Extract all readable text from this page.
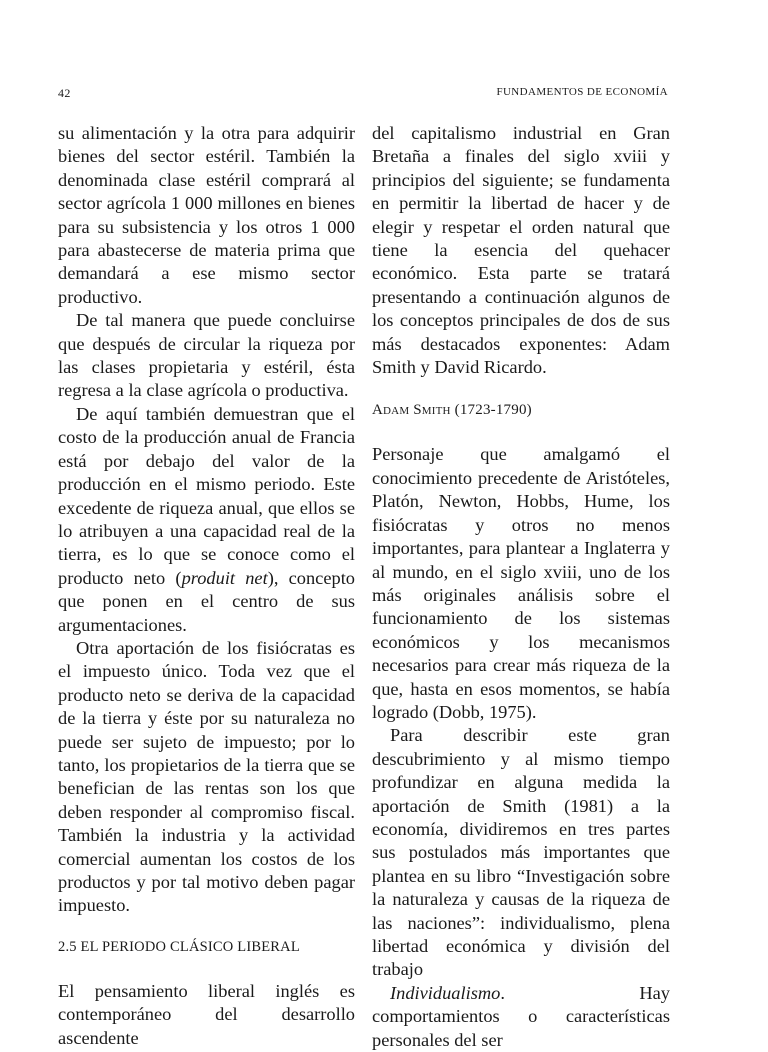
42	FUNDAMENTOS DE ECONOMÍA

su alimentación y la otra para adquirir bienes del sector estéril. También la denominada clase estéril comprará al sector agrícola 1 000 millones en bienes para su subsistencia y los otros 1 000 para abastecerse de materia prima que demandará a ese mismo sector productivo.

De tal manera que puede concluirse que después de circular la riqueza por las clases propietaria y estéril, ésta regresa a la clase agrícola o productiva.

De aquí también demuestran que el costo de la producción anual de Francia está por debajo del valor de la producción en el mismo periodo. Este excedente de riqueza anual, que ellos se lo atribuyen a una capacidad real de la tierra, es lo que se conoce como el producto neto (produit net), concepto que ponen en el centro de sus argumentaciones.

Otra aportación de los fisiócratas es el impuesto único. Toda vez que el producto neto se deriva de la capacidad de la tierra y éste por su naturaleza no puede ser sujeto de impuesto; por lo tanto, los propietarios de la tierra que se benefician de las rentas son los que deben responder al compromiso fiscal. También la industria y la actividad comercial aumentan los costos de los productos y por tal motivo deben pagar impuesto.

2.5 EL PERIODO CLÁSICO LIBERAL

El pensamiento liberal inglés es contemporáneo del desarrollo ascendente

del capitalismo industrial en Gran Bretaña a finales del siglo xviii y principios del siguiente; se fundamenta en permitir la libertad de hacer y de elegir y respetar el orden natural que tiene la esencia del quehacer económico. Esta parte se tratará presentando a continuación algunos de los conceptos principales de dos de sus más destacados exponentes: Adam Smith y David Ricardo.

Adam Smith (1723-1790)

Personaje que amalgamó el conocimiento precedente de Aristóteles, Platón, Newton, Hobbs, Hume, los fisiócratas y otros no menos importantes, para plantear a Inglaterra y al mundo, en el siglo xviii, uno de los más originales análisis sobre el funcionamiento de los sistemas económicos y los mecanismos necesarios para crear más riqueza de la que, hasta en esos momentos, se había logrado (Dobb, 1975).

Para describir este gran descubrimiento y al mismo tiempo profundizar en alguna medida la aportación de Smith (1981) a la economía, dividiremos en tres partes sus postulados más importantes que plantea en su libro “Investigación sobre la naturaleza y causas de la riqueza de las naciones”: individualismo, plena libertad económica y división del trabajo

Individualismo. Hay comportamientos o características personales del ser
